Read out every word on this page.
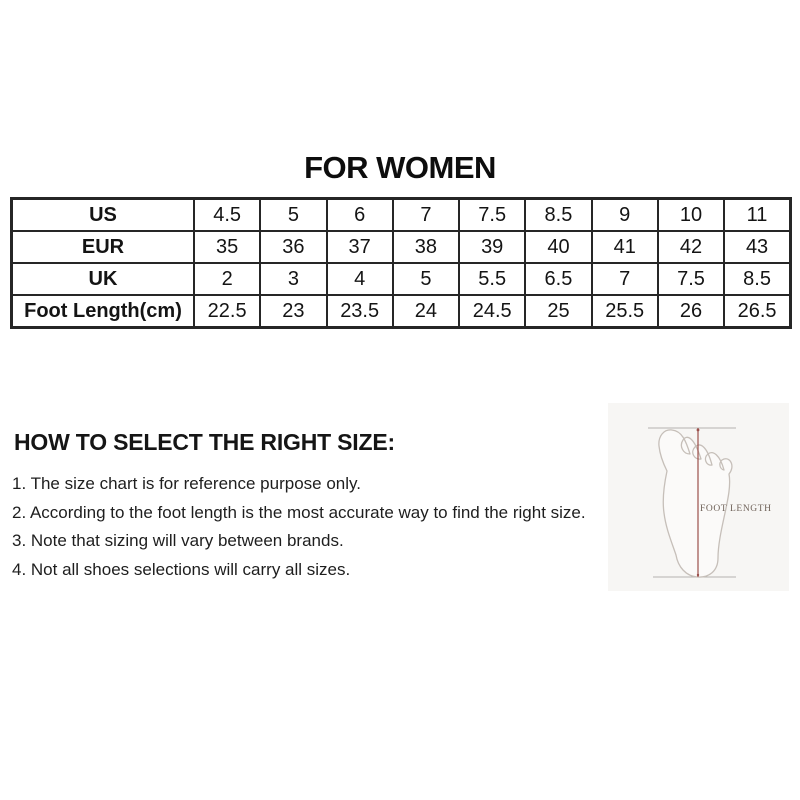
FOR WOMEN
US	4.5	5	6	7	7.5	8.5	9	10	11
EUR	35	36	37	38	39	40	41	42	43
UK	2	3	4	5	5.5	6.5	7	7.5	8.5
Foot Length(cm)	22.5	23	23.5	24	24.5	25	25.5	26	26.5
HOW TO SELECT THE RIGHT SIZE:
1. The size chart is for reference purpose only.
2. According to the foot length is the most accurate way to find the right size.
3. Note that sizing will vary between brands.
4. Not all shoes selections will carry all sizes.
FOOT LENGTH
